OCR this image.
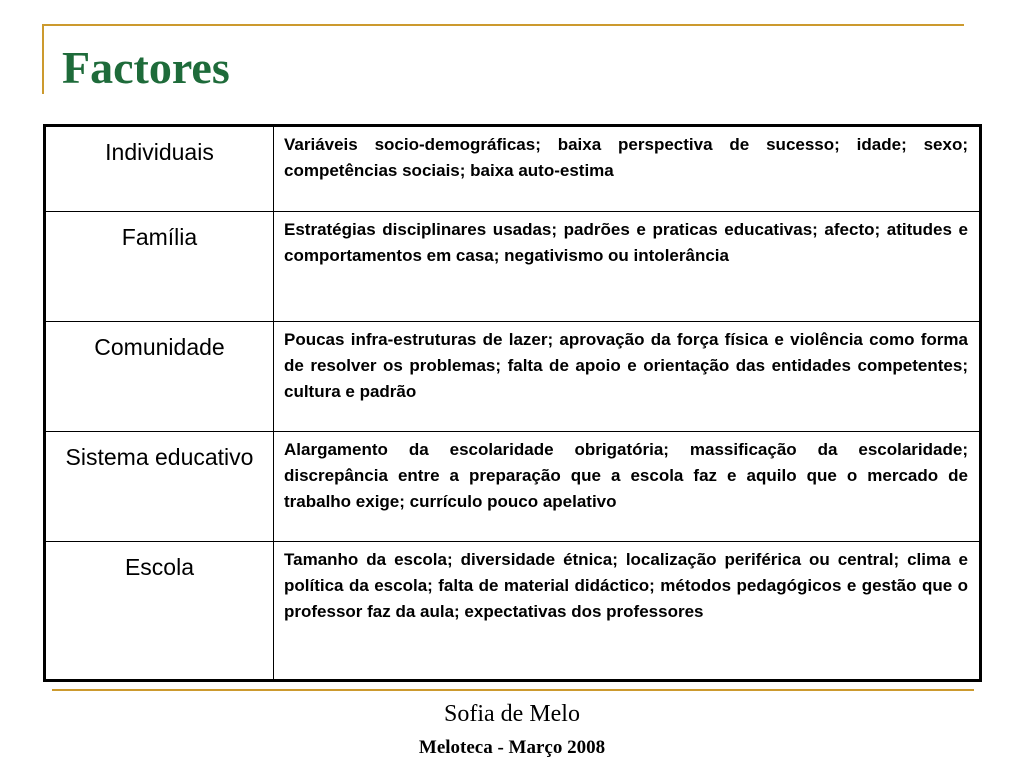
Factores
Individuais	Variáveis socio-demográficas; baixa perspectiva de sucesso; idade; sexo; competências sociais; baixa auto-estima
Família	Estratégias disciplinares usadas; padrões e praticas educativas; afecto; atitudes e comportamentos em casa; negativismo ou intolerância
Comunidade	Poucas infra-estruturas de lazer; aprovação da força física e violência como forma de resolver os problemas; falta de apoio e orientação das entidades competentes; cultura e padrão
Sistema educativo	Alargamento da escolaridade obrigatória; massificação da escolaridade; discrepância entre a preparação que a escola faz e aquilo que o mercado de trabalho exige; currículo pouco apelativo
Escola	Tamanho da escola; diversidade étnica; localização periférica ou central; clima e política da escola; falta de material didáctico; métodos pedagógicos e gestão que o professor faz da aula; expectativas dos professores
Sofia de Melo
Meloteca - Março 2008
